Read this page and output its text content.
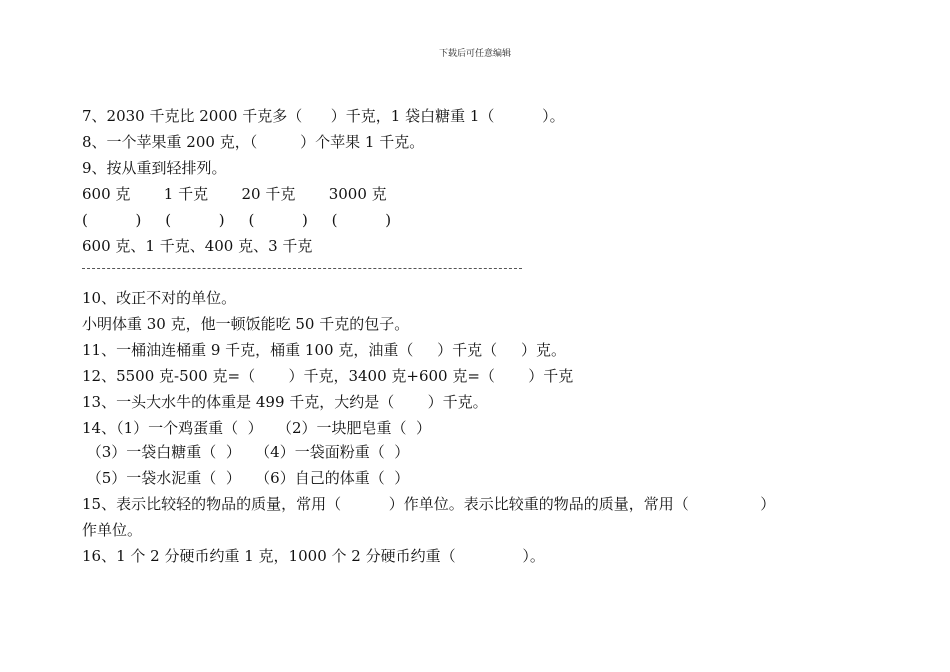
下载后可任意编辑
7、2030 千克比 2000 千克多（      ）千克，1 袋白糖重 1（          ）。
8、一个苹果重 200 克，（         ）个苹果 1 千克。
9、按从重到轻排列。
600 克       1 千克       20 千克       3000 克
(          )     (          )     (          )     (          )
600 克、1 千克、400 克、3 千克
10、改正不对的单位。
小明体重 30 克，他一顿饭能吃 50 千克的包子。
11、一桶油连桶重 9 千克，桶重 100 克，油重（     ）千克（     ）克。
12、5500 克-500 克=（       ）千克，3400 克+600 克=（       ）千克
13、一头大水牛的体重是 499 千克，大约是（       ）千克。
14、（1）一个鸡蛋重（  ）   （2）一块肥皂重（  ）
（3）一袋白糖重（  ）   （4）一袋面粉重（  ）
（5）一袋水泥重（  ）   （6）自己的体重（  ）
15、表示比较轻的物品的质量，常用（          ）作单位。表示比较重的物品的质量，常用（               ）
作单位。
16、1 个 2 分硬币约重 1 克，1000 个 2 分硬币约重（              ）。
